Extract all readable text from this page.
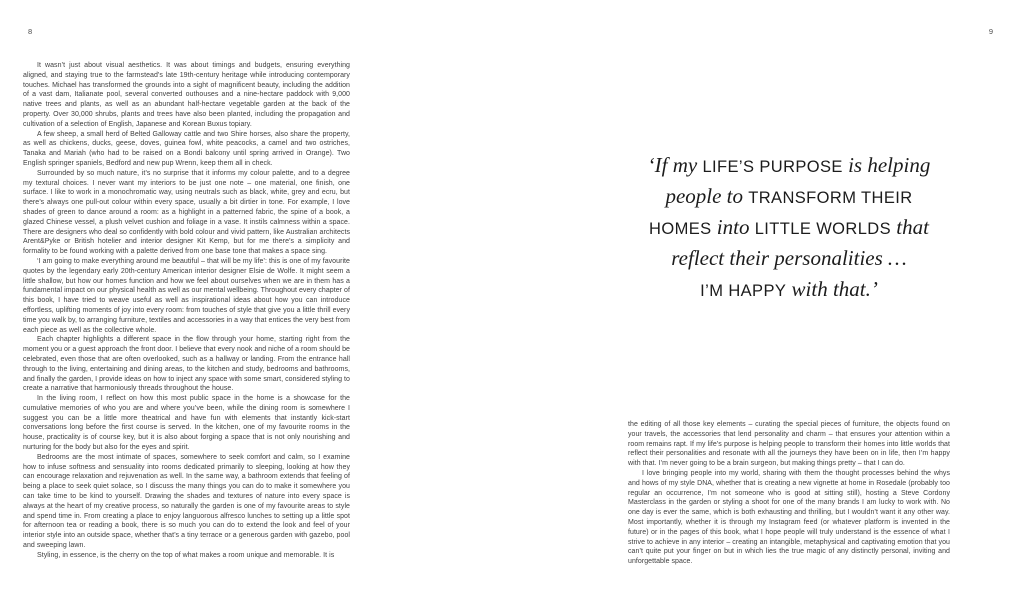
8

It wasn’t just about visual aesthetics. It was about timings and budgets, ensuring everything aligned, and staying true to the farmstead’s late 19th-century heritage while introducing contemporary touches. Michael has transformed the grounds into a sight of magnificent beauty, including the addition of a vast dam, Italianate pool, several converted outhouses and a nine-hectare paddock with 9,000 native trees and plants, as well as an abundant half-hectare vegetable garden at the back of the property. Over 30,000 shrubs, plants and trees have also been planted, including the propagation and cultivation of a selection of English, Japanese and Korean Buxus topiary.

A few sheep, a small herd of Belted Galloway cattle and two Shire horses, also share the property, as well as chickens, ducks, geese, doves, guinea fowl, white peacocks, a camel and two ostriches, Tanaka and Mariah (who had to be raised on a Bondi balcony until spring arrived in Orange). Two English springer spaniels, Bedford and new pup Wrenn, keep them all in check.

Surrounded by so much nature, it’s no surprise that it informs my colour palette, and to a degree my textural choices. I never want my interiors to be just one note – one material, one finish, one surface. I like to work in a monochromatic way, using neutrals such as black, white, grey and ecru, but there’s always one pull-out colour within every space, usually a bit dirtier in tone. For example, I love shades of green to dance around a room: as a highlight in a patterned fabric, the spine of a book, a glazed Chinese vessel, a plush velvet cushion and foliage in a vase. It instils calmness within a space. There are designers who deal so confidently with bold colour and vivid pattern, like Australian architects Arent&Pyke or British hotelier and interior designer Kit Kemp, but for me there’s a simplicity and formality to be found working with a palette derived from one base tone that makes a space sing.

‘I am going to make everything around me beautiful – that will be my life’: this is one of my favourite quotes by the legendary early 20th-century American interior designer Elsie de Wolfe. It might seem a little shallow, but how our homes function and how we feel about ourselves when we are in them has a fundamental impact on our physical health as well as our mental wellbeing. Throughout every chapter of this book, I have tried to weave useful as well as inspirational ideas about how you can introduce effortless, uplifting moments of joy into every room: from touches of style that give you a little thrill every time you walk by, to arranging furniture, textiles and accessories in a way that entices the very best from each piece as well as the collective whole.

Each chapter highlights a different space in the flow through your home, starting right from the moment you or a guest approach the front door. I believe that every nook and niche of a room should be celebrated, even those that are often overlooked, such as a hallway or landing. From the entrance hall through to the living, entertaining and dining areas, to the kitchen and study, bedrooms and bathrooms, and finally the garden, I provide ideas on how to inject any space with some smart, considered styling to create a narrative that harmoniously threads throughout the house.

In the living room, I reflect on how this most public space in the home is a showcase for the cumulative memories of who you are and where you’ve been, while the dining room is somewhere I suggest you can be a little more theatrical and have fun with elements that instantly kick-start conversations long before the first course is served. In the kitchen, one of my favourite rooms in the house, practicality is of course key, but it is also about forging a space that is not only nourishing and nurturing for the body but also for the eyes and spirit.

Bedrooms are the most intimate of spaces, somewhere to seek comfort and calm, so I examine how to infuse softness and sensuality into rooms dedicated primarily to sleeping, looking at how they can encourage relaxation and rejuvenation as well. In the same way, a bathroom extends that feeling of being a place to seek quiet solace, so I discuss the many things you can do to make it somewhere you can take time to be kind to yourself. Drawing the shades and textures of nature into every space is always at the heart of my creative process, so naturally the garden is one of my favourite areas to style and spend time in. From creating a place to enjoy languorous alfresco lunches to setting up a little spot for afternoon tea or reading a book, there is so much you can do to extend the look and feel of your interior style into an outside space, whether that’s a tiny terrace or a generous garden with gazebo, pool and sweeping lawn.

Styling, in essence, is the cherry on the top of what makes a room unique and memorable. It is

9
‘If my LIFE’S PURPOSE is helping
people to TRANSFORM THEIR
HOMES into LITTLE WORLDS that
reflect their personalities …
I’M HAPPY with that.’

the editing of all those key elements – curating the special pieces of furniture, the objects found on your travels, the accessories that lend personality and charm – that ensures your attention within a room remains rapt. If my life’s purpose is helping people to transform their homes into little worlds that reflect their personalities and resonate with all the journeys they have been on in life, then I’m happy with that. I’m never going to be a brain surgeon, but making things pretty – that I can do.

I love bringing people into my world, sharing with them the thought processes behind the whys and hows of my style DNA, whether that is creating a new vignette at home in Rosedale (probably too regular an occurrence, I’m not someone who is good at sitting still), hosting a Steve Cordony Masterclass in the garden or styling a shoot for one of the many brands I am lucky to work with. No one day is ever the same, which is both exhausting and thrilling, but I wouldn’t want it any other way. Most importantly, whether it is through my Instagram feed (or whatever platform is invented in the future) or in the pages of this book, what I hope people will truly understand is the essence of what I strive to achieve in any interior – creating an intangible, metaphysical and captivating emotion that you can’t quite put your finger on but in which lies the true magic of any distinctly personal, inviting and unforgettable space.
